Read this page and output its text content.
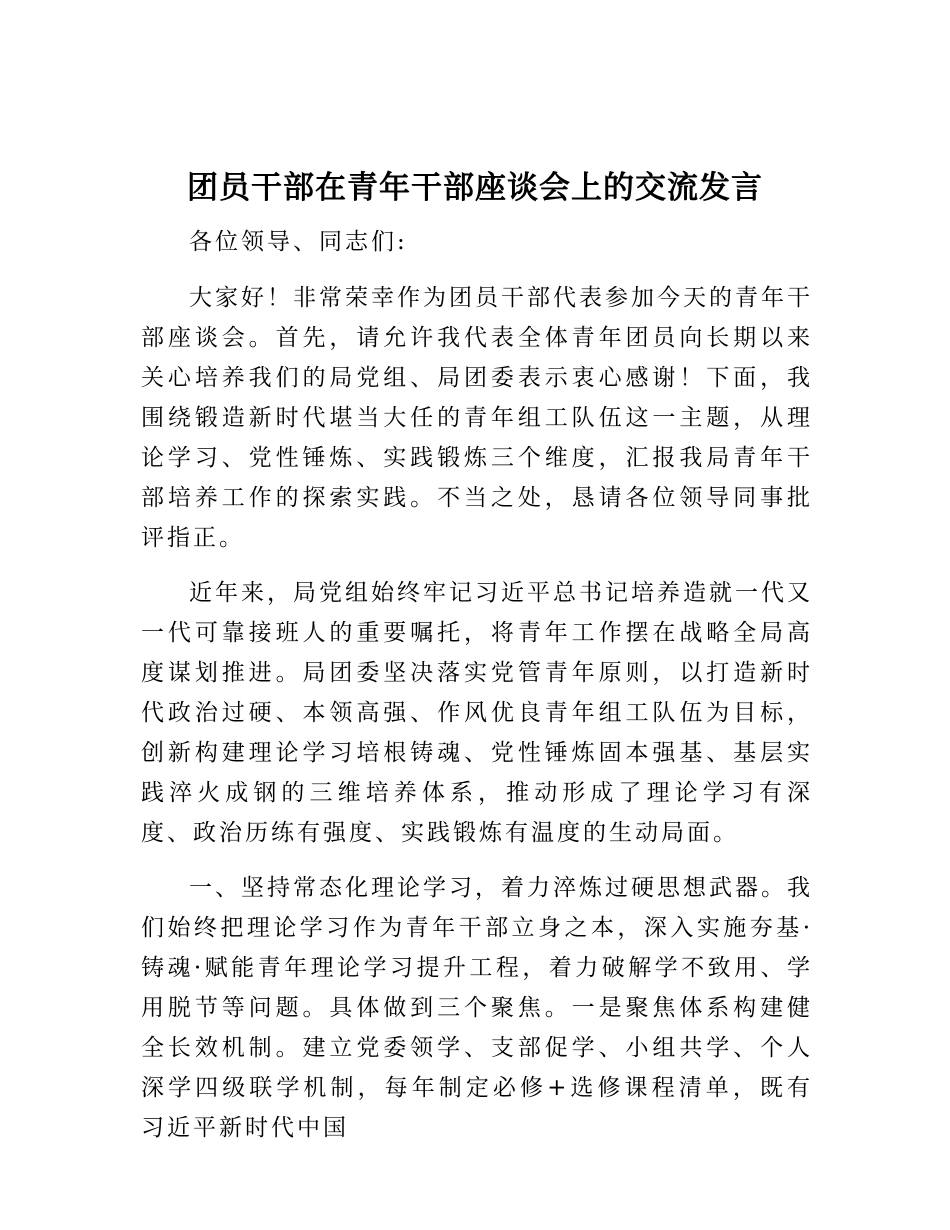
团员干部在青年干部座谈会上的交流发言

各位领导、同志们:

大家好！非常荣幸作为团员干部代表参加今天的青年干部座谈会。首先，请允许我代表全体青年团员向长期以来关心培养我们的局党组、局团委表示衷心感谢！下面，我围绕锻造新时代堪当大任的青年组工队伍这一主题，从理论学习、党性锤炼、实践锻炼三个维度，汇报我局青年干部培养工作的探索实践。不当之处，恳请各位领导同事批评指正。

近年来，局党组始终牢记习近平总书记培养造就一代又一代可靠接班人的重要嘱托，将青年工作摆在战略全局高度谋划推进。局团委坚决落实党管青年原则，以打造新时代政治过硬、本领高强、作风优良青年组工队伍为目标，创新构建理论学习培根铸魂、党性锤炼固本强基、基层实践淬火成钢的三维培养体系，推动形成了理论学习有深度、政治历练有强度、实践锻炼有温度的生动局面。

一、坚持常态化理论学习，着力淬炼过硬思想武器。我们始终把理论学习作为青年干部立身之本，深入实施夯基·铸魂·赋能青年理论学习提升工程，着力破解学不致用、学用脱节等问题。具体做到三个聚焦。一是聚焦体系构建健全长效机制。建立党委领学、支部促学、小组共学、个人深学四级联学机制，每年制定必修+选修课程清单，既有习近平新时代中国
